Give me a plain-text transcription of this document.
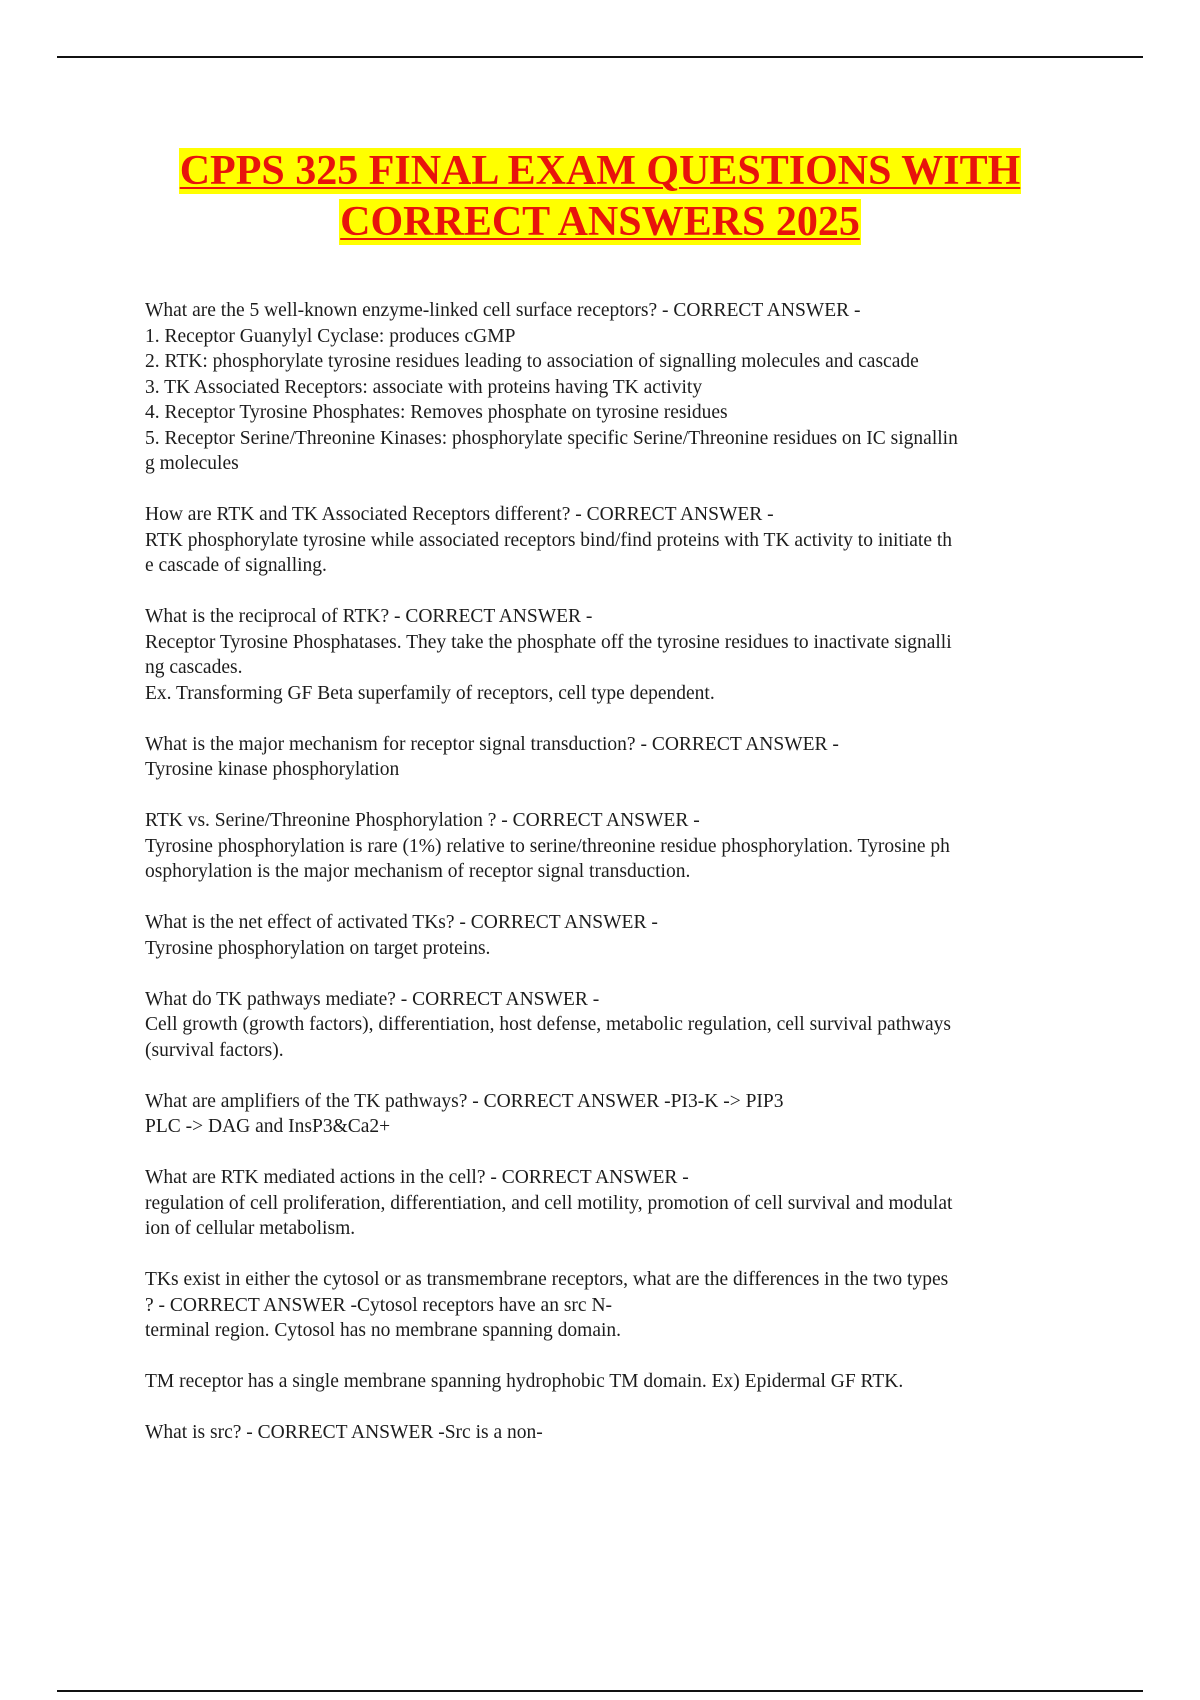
CPPS 325 FINAL EXAM QUESTIONS WITH
CORRECT ANSWERS 2025
What are the 5 well-known enzyme-linked cell surface receptors? - CORRECT ANSWER -
1. Receptor Guanylyl Cyclase: produces cGMP
2. RTK: phosphorylate tyrosine residues leading to association of signalling molecules and cascade
3. TK Associated Receptors: associate with proteins having TK activity
4. Receptor Tyrosine Phosphates: Removes phosphate on tyrosine residues
5. Receptor Serine/Threonine Kinases: phosphorylate specific Serine/Threonine residues on IC signallin
g molecules
How are RTK and TK Associated Receptors different? - CORRECT ANSWER -
RTK phosphorylate tyrosine while associated receptors bind/find proteins with TK activity to initiate th
e cascade of signalling.
What is the reciprocal of RTK? - CORRECT ANSWER -
Receptor Tyrosine Phosphatases. They take the phosphate off the tyrosine residues to inactivate signalli
ng cascades.
Ex. Transforming GF Beta superfamily of receptors, cell type dependent.
What is the major mechanism for receptor signal transduction? - CORRECT ANSWER -
Tyrosine kinase phosphorylation
RTK vs. Serine/Threonine Phosphorylation ? - CORRECT ANSWER -
Tyrosine phosphorylation is rare (1%) relative to serine/threonine residue phosphorylation. Tyrosine ph
osphorylation is the major mechanism of receptor signal transduction.
What is the net effect of activated TKs? - CORRECT ANSWER -
Tyrosine phosphorylation on target proteins.
What do TK pathways mediate? - CORRECT ANSWER -
Cell growth (growth factors), differentiation, host defense, metabolic regulation, cell survival pathways
(survival factors).
What are amplifiers of the TK pathways? - CORRECT ANSWER -PI3-K -> PIP3
PLC -> DAG and InsP3&Ca2+
What are RTK mediated actions in the cell? - CORRECT ANSWER -
regulation of cell proliferation, differentiation, and cell motility, promotion of cell survival and modulat
ion of cellular metabolism.
TKs exist in either the cytosol or as transmembrane receptors, what are the differences in the two types
? - CORRECT ANSWER -Cytosol receptors have an src N-
terminal region. Cytosol has no membrane spanning domain.
TM receptor has a single membrane spanning hydrophobic TM domain. Ex) Epidermal GF RTK.
What is src? - CORRECT ANSWER -Src is a non-
